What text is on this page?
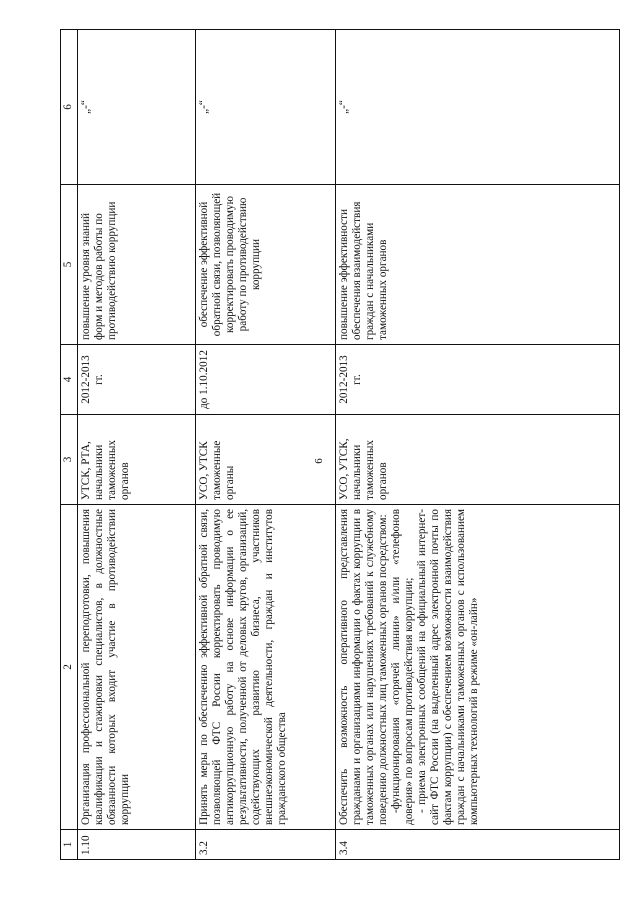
6
1	2	3	4	5	6
1.10	Организация профессиональной переподготовки, повышения квалификации и стажировки специалистов, в должностные обязанности которых входит участие в противодействии коррупции	УТСК, РТА, начальники таможенных органов	2012-2013 гг.	повышение уровня знаний форм и методов работы по противодействию коррупции	„-“
3.2	Принять меры по обеспечению эффективной обратной связи, позволяющей ФТС России корректировать проводимую антикоррупционную работу на основе информации о ее результативности, полученной от деловых кругов, организаций, содействующих развитию бизнеса, участников внешнеэкономической деятельности, граждан и институтов гражданского общества	УСО, УТСК таможенные органы	до 1.10.2012	обеспечение эффективной обратной связи, позволяющей корректировать проводимую работу по противодействию коррупции	„-“
3.4	Обеспечить возможность оперативного представления гражданами и организациями информации о фактах коррупции в таможенных органах или нарушениях требований к служебному поведению должностных лиц таможенных органов посредством: -функционирования «горячей линии» и/или «телефонов доверия» по вопросам противодействия коррупции; - приема электронных сообщений на официальный интернет-сайт ФТС России (на выделенный адрес электронной почты по фактам коррупции) с обеспечением возможности взаимодействия граждан с начальниками таможенных органов с использованием компьютерных технологий в режиме «он-лайн»	УСО, УТСК, начальники таможенных органов	2012-2013 гг.	повышение эффективности обеспечения взаимодействия граждан с начальниками таможенных органов	„-“
